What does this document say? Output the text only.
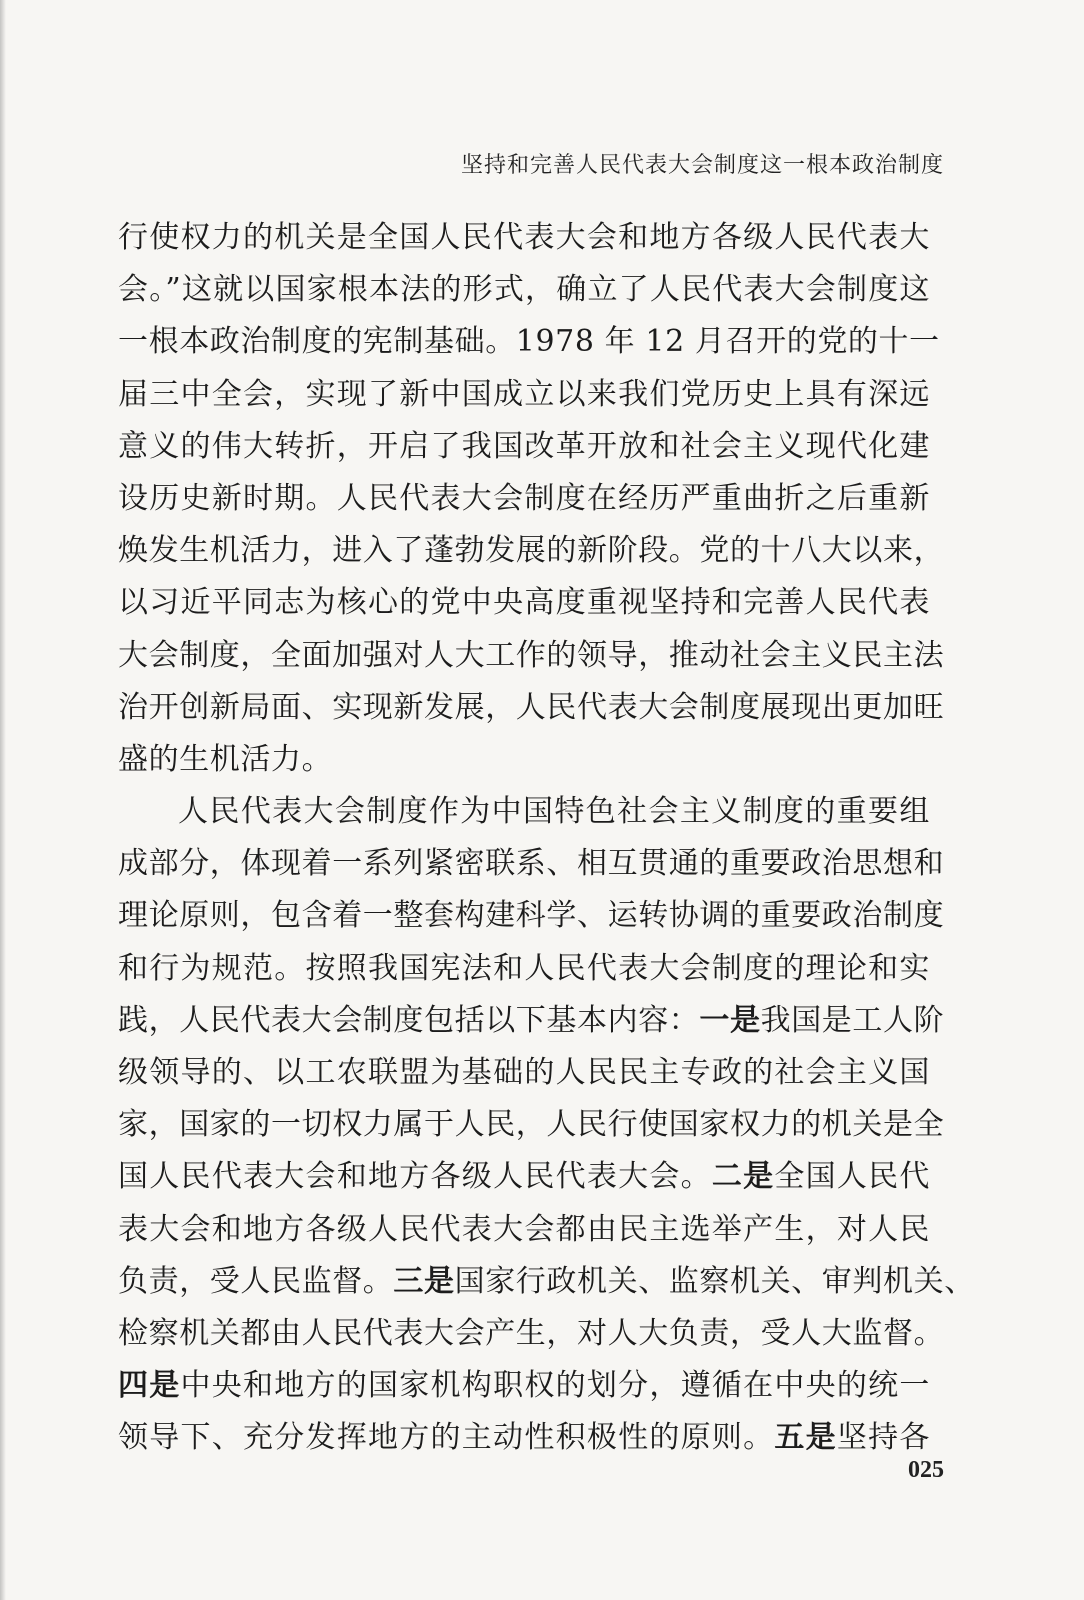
坚持和完善人民代表大会制度这一根本政治制度
行使权力的机关是全国人民代表大会和地方各级人民代表大
会。”这就以国家根本法的形式，确立了人民代表大会制度这
一根本政治制度的宪制基础。1978 年 12 月召开的党的十一
届三中全会，实现了新中国成立以来我们党历史上具有深远
意义的伟大转折，开启了我国改革开放和社会主义现代化建
设历史新时期。人民代表大会制度在经历严重曲折之后重新
焕发生机活力，进入了蓬勃发展的新阶段。党的十八大以来，
以习近平同志为核心的党中央高度重视坚持和完善人民代表
大会制度，全面加强对人大工作的领导，推动社会主义民主法
治开创新局面、实现新发展，人民代表大会制度展现出更加旺
盛的生机活力。
人民代表大会制度作为中国特色社会主义制度的重要组
成部分，体现着一系列紧密联系、相互贯通的重要政治思想和
理论原则，包含着一整套构建科学、运转协调的重要政治制度
和行为规范。按照我国宪法和人民代表大会制度的理论和实
践，人民代表大会制度包括以下基本内容：一是我国是工人阶
级领导的、以工农联盟为基础的人民民主专政的社会主义国
家，国家的一切权力属于人民，人民行使国家权力的机关是全
国人民代表大会和地方各级人民代表大会。二是全国人民代
表大会和地方各级人民代表大会都由民主选举产生，对人民
负责，受人民监督。三是国家行政机关、监察机关、审判机关、
检察机关都由人民代表大会产生，对人大负责，受人大监督。
四是中央和地方的国家机构职权的划分，遵循在中央的统一
领导下、充分发挥地方的主动性积极性的原则。五是坚持各
025
